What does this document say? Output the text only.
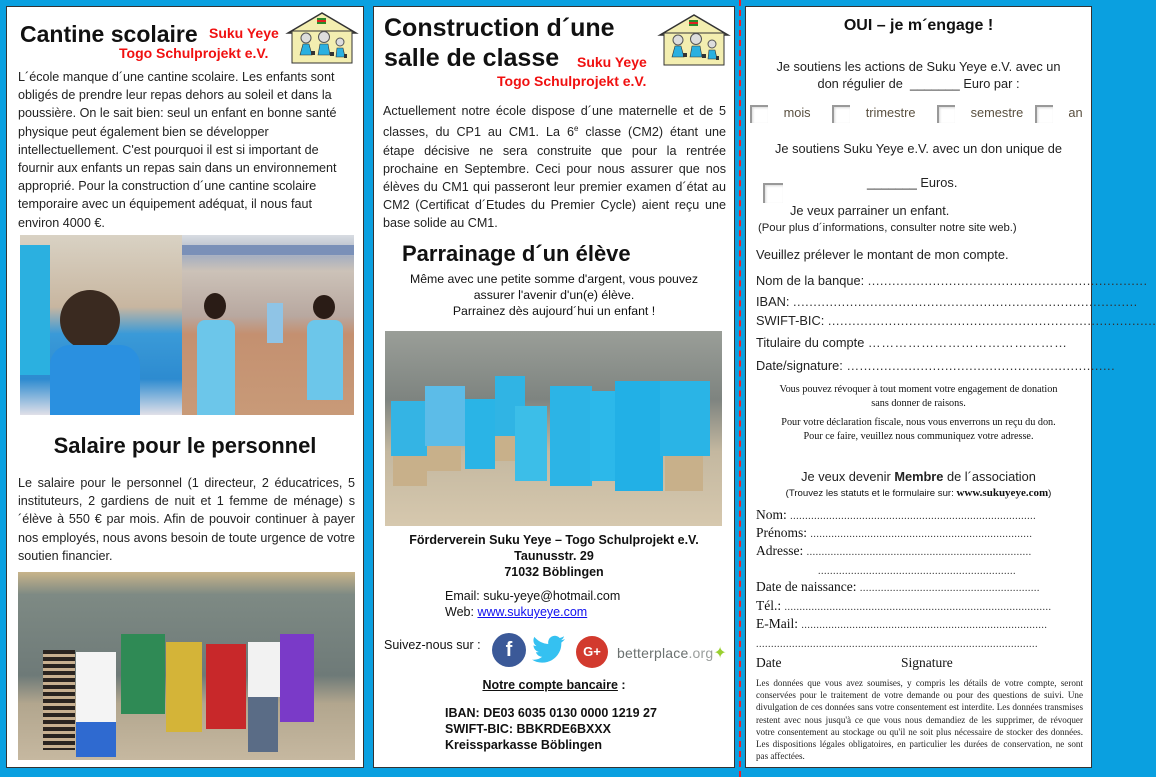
Cantine scolaire Suku Yeye
Togo Schulprojekt e.V.
L´école manque d´une cantine scolaire. Les enfants sont obligés de prendre leur repas dehors au soleil et dans la poussière. On le sait bien: seul un enfant en bonne santé physique peut également bien se développer intellectuellement. C'est pourquoi il est si important de fournir aux enfants un repas sain dans un environnement approprié. Pour la construction d´une cantine scolaire temporaire avec un équipement adéquat, il nous faut environ 4000 €.
Salaire pour le personnel
Le salaire pour le personnel (1 directeur, 2 éducatrices, 5 instituteurs, 2 gardiens de nuit et 1 femme de ménage) s´élève à 550 € par mois. Afin de pouvoir continuer à payer nos employés, nous avons besoin de toute urgence de votre soutien financier.
Construction d´une
salle de classe Suku Yeye
Togo Schulprojekt e.V.
Actuellement notre école dispose d´une maternelle et de 5 classes, du CP1 au CM1. La 6e classe (CM2) étant une étape décisive ne sera construite que pour la rentrée prochaine en Septembre. Ceci pour nous assurer que nos élèves du CM1 qui passeront leur premier examen d´état au CM2 (Certificat d´Etudes du Premier Cycle) aient reçu une base solide au CM1.
Parrainage d´un élève
Même avec une petite somme d'argent, vous pouvez
assurer l'avenir d'un(e) élève.
Parrainez dès aujourd´hui un enfant !
Förderverein Suku Yeye – Togo Schulprojekt e.V.
Taunusstr. 29
71032 Böblingen
Email: suku-yeye@hotmail.com
Web: www.sukuyeye.com
Suivez-nous sur :	f	G+	betterplace.org✦
Notre compte bancaire :
IBAN: DE03 6035 0130 0000 1219 27
SWIFT-BIC: BBKRDE6BXXX
Kreissparkasse Böblingen
OUI – je m´engage !
Je soutiens les actions de Suku Yeye e.V. avec un
don régulier de _______ Euro par :
mois	trimestre	semestre	an
Je soutiens Suku Yeye e.V. avec un don unique de
_______ Euros.
Je veux parrainer un enfant.
(Pour plus d´informations, consulter notre site web.)
Veuillez prélever le montant de mon compte.
Nom de la banque: .....................................................................
IBAN: .....................................................................................
SWIFT-BIC: .................................................................................
Titulaire du compte ………………………………………
Date/signature: …...............................................................
Vous pouvez révoquer à tout moment votre engagement de donation
sans donner de raisons.
Pour votre déclaration fiscale, nous vous enverrons un reçu du don.
Pour ce faire, veuillez nous communiquez votre adresse.
Je veux devenir Membre de l´association
(Trouvez les statuts et le formulaire sur: www.sukuyeye.com)
Nom: ..................................................................................
Prénoms: ..........................................................................
Adresse: ...........................................................................
..................................................................
Date de naissance: ............................................................
Tél.: .........................................................................................
E-Mail: ..................................................................................
..............................................................................................
Date	Signature
Les données que vous avez soumises, y compris les détails de votre compte, seront conservées pour le traitement de votre demande ou pour des questions de suivi. Une divulgation de ces données sans votre consentement est interdite. Les données transmises restent avec nous jusqu'à ce que vous nous demandiez de les supprimer, de révoquer votre consentement au stockage ou qu'il ne soit plus nécessaire de stocker des données. Les dispositions légales obligatoires, en particulier les durées de conservation, ne sont pas affectées.
